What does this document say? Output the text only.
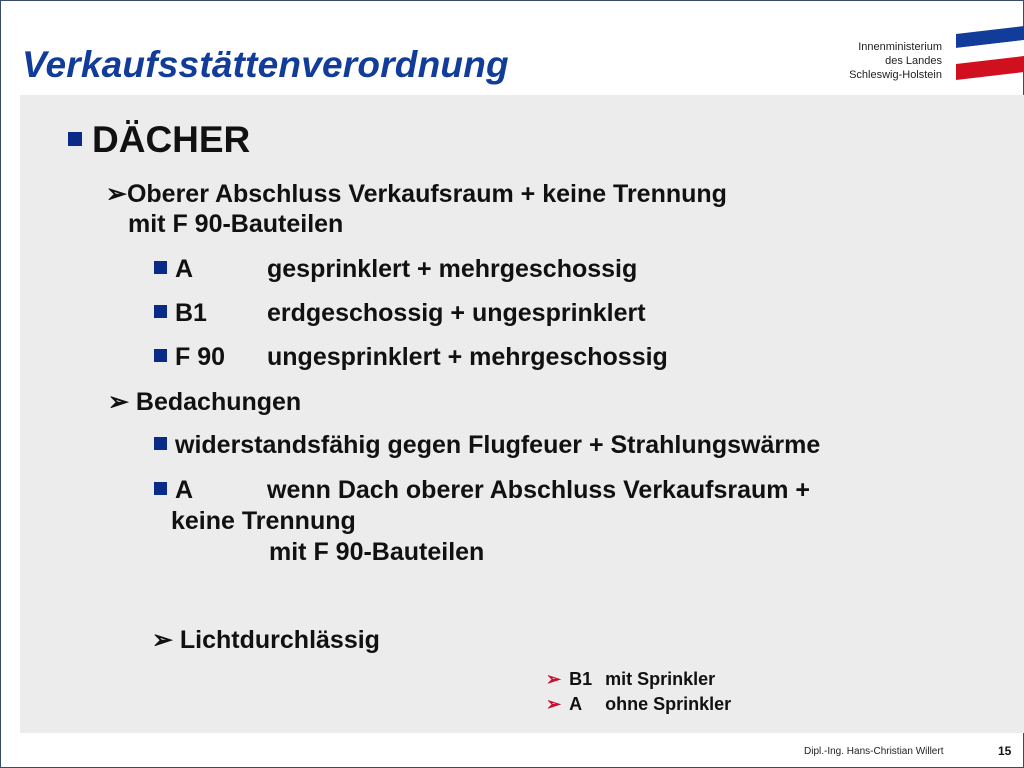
Verkaufsstättenverordnung	Innenministerium
des Landes
Schleswig-Holstein
DÄCHER
➢Oberer Abschluss Verkaufsraum + keine Trennung
mit F 90-Bauteilen
A	gesprinklert + mehrgeschossig
B1 erdgeschossig + ungesprinklert
F 90 ungesprinklert + mehrgeschossig
➢ Bedachungen
widerstandsfähig gegen Flugfeuer + Strahlungswärme
A	wenn Dach oberer Abschluss Verkaufsraum +
keine Trennung
mit F 90-Bauteilen
➢ Lichtdurchlässig
➢ B1 mit Sprinkler
➢ A ohne Sprinkler
Dipl.-Ing. Hans-Christian Willert	15
